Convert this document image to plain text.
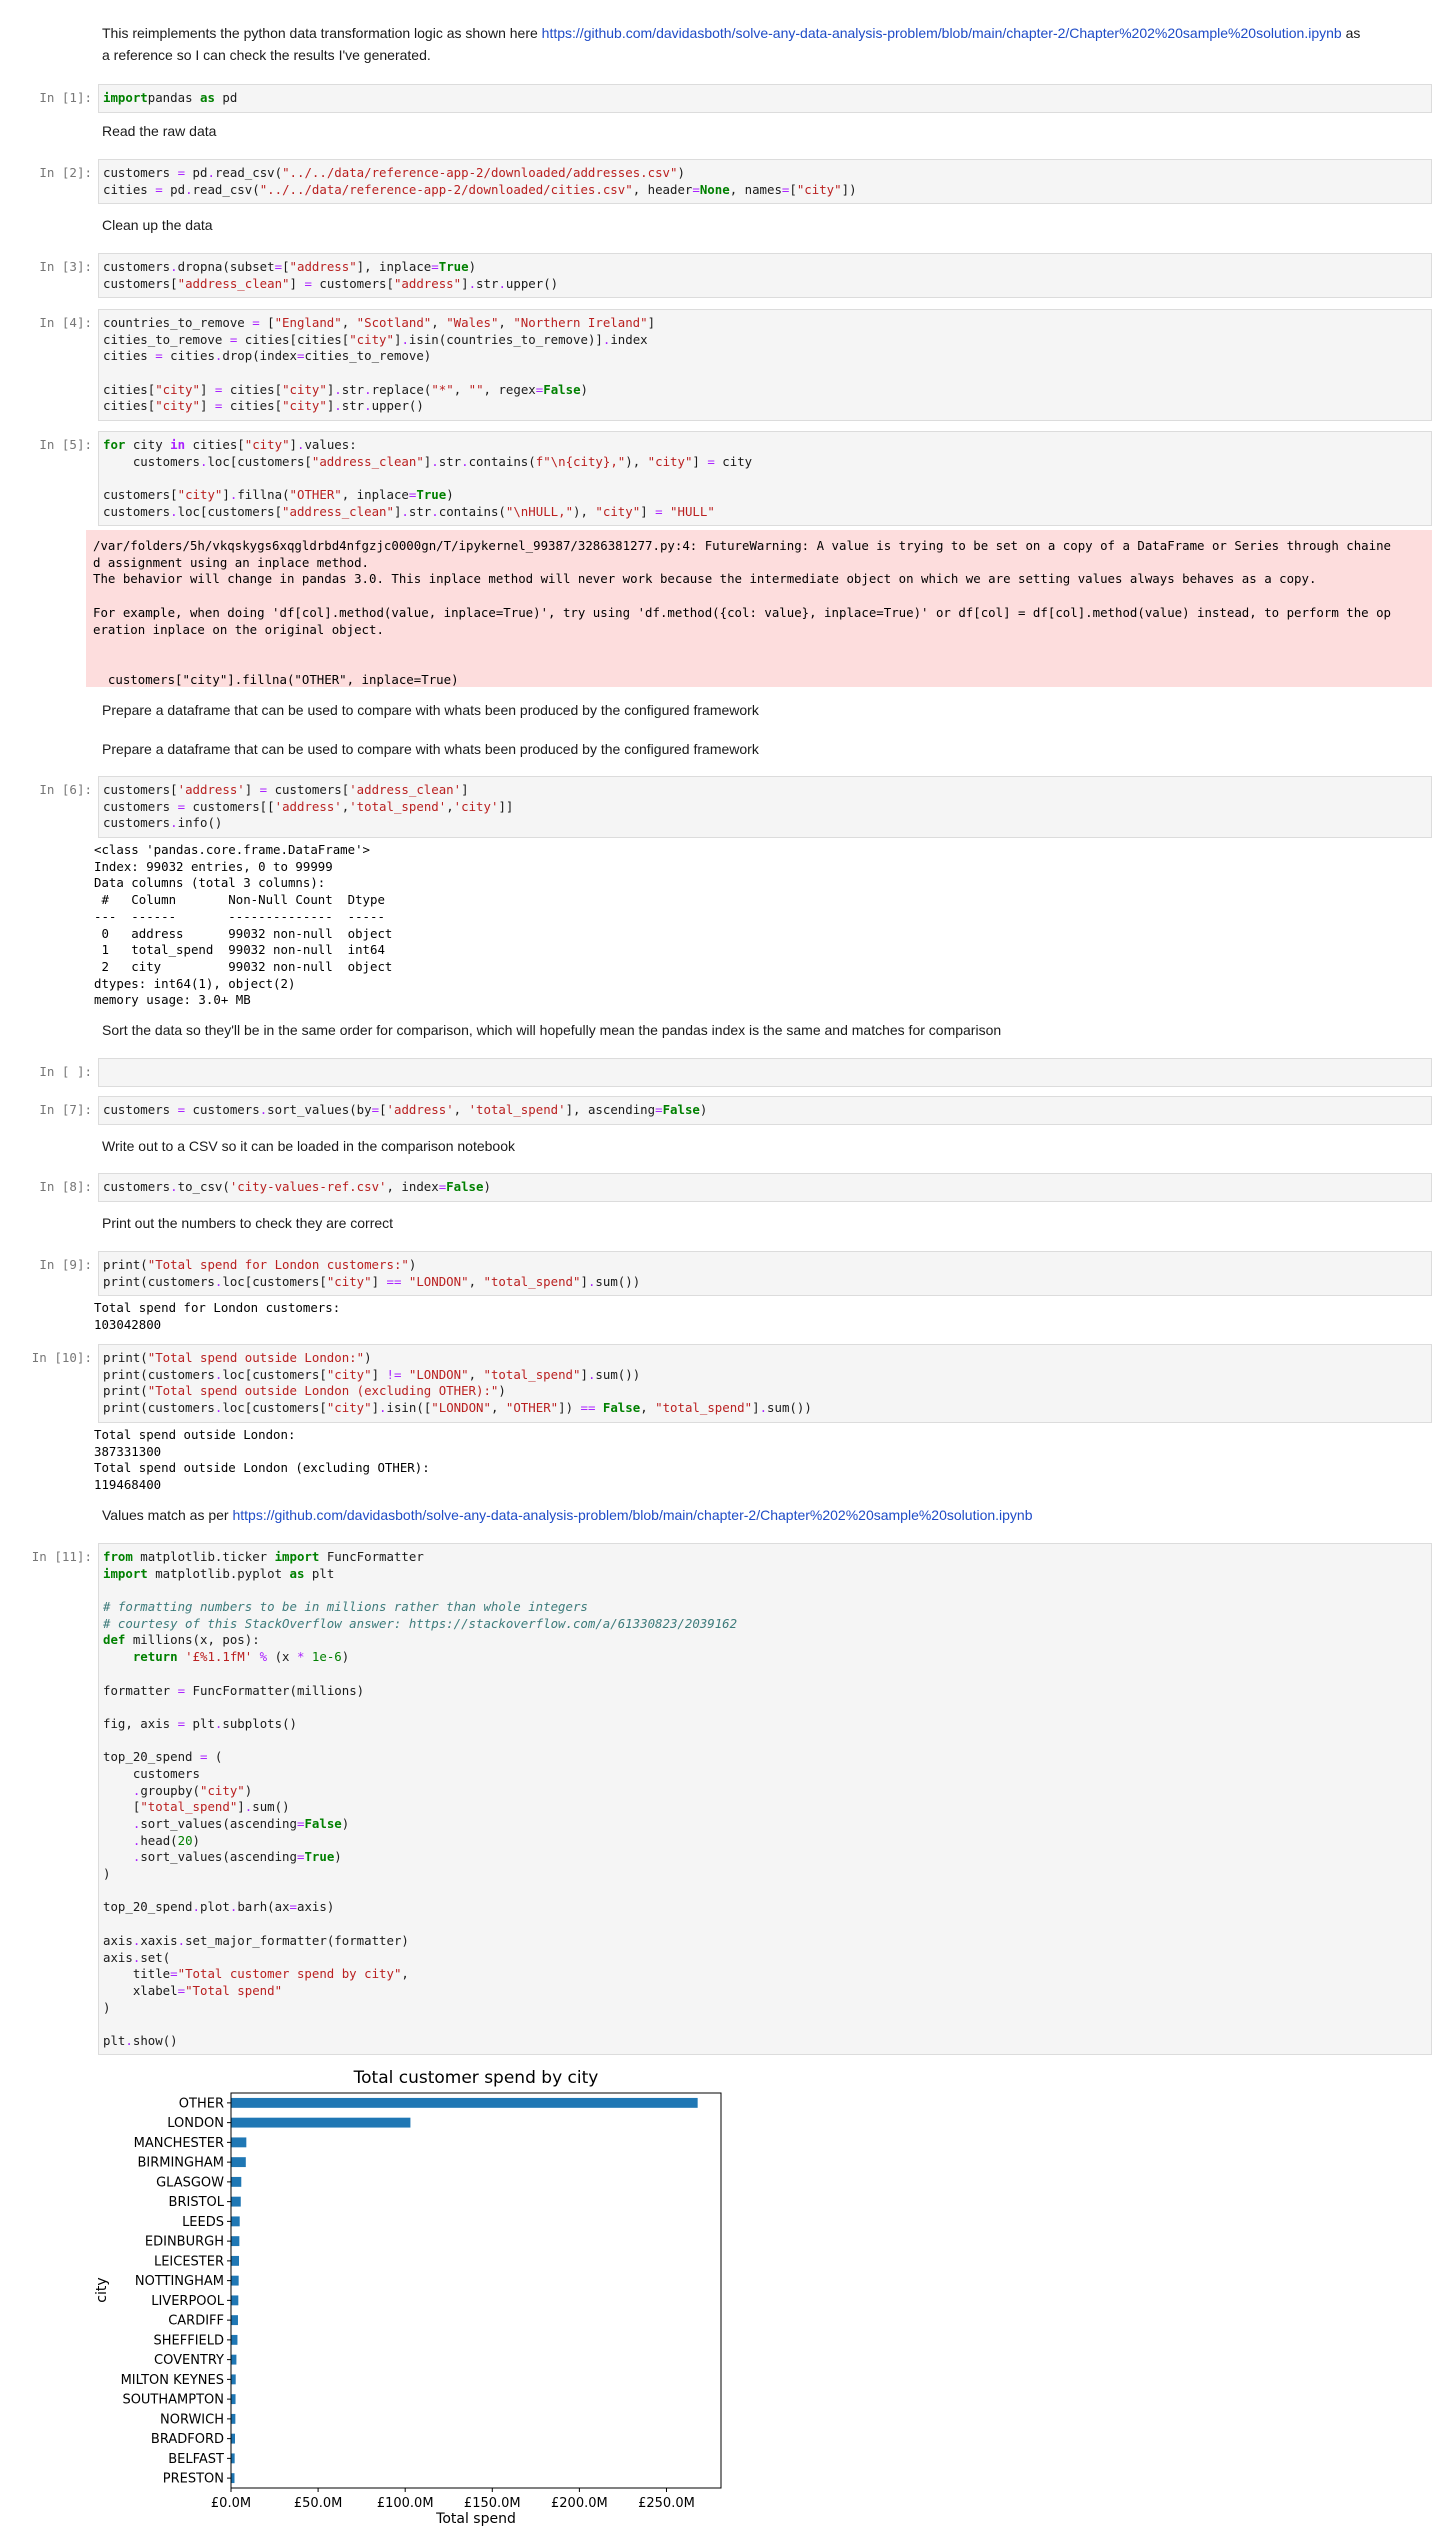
This reimplements the python data transformation logic as shown here https://github.com/davidasboth/solve-any-data-analysis-problem/blob/main/chapter-2/Chapter%202%20sample%20solution.ipynb as
a reference so I can check the results I've generated.
In [1]: importpandas as pd
Read the raw data
In [2]: customers = pd.read_csv("../../data/reference-app-2/downloaded/addresses.csv")
cities = pd.read_csv("../../data/reference-app-2/downloaded/cities.csv", header=None, names=["city"])
Clean up the data
In [3]: customers.dropna(subset=["address"], inplace=True)
customers["address_clean"] = customers["address"].str.upper()
In [4]: countries_to_remove = ["England", "Scotland", "Wales", "Northern Ireland"]
cities_to_remove = cities[cities["city"].isin(countries_to_remove)].index
cities = cities.drop(index=cities_to_remove)
cities["city"] = cities["city"].str.replace("*", "", regex=False)
cities["city"] = cities["city"].str.upper()
In [5]: for city in cities["city"].values:
customers.loc[customers["address_clean"].str.contains(f"\n{city},"), "city"] = city
customers["city"].fillna("OTHER", inplace=True)
customers.loc[customers["address_clean"].str.contains("\nHULL,"), "city"] = "HULL"
/var/folders/5h/vkqskygs6xqgldrbd4nfgzjc0000gn/T/ipykernel_99387/3286381277.py:4: FutureWarning: A value is trying to be set on a copy of a DataFrame or Series through chaine
d assignment using an inplace method.
The behavior will change in pandas 3.0. This inplace method will never work because the intermediate object on which we are setting values always behaves as a copy.

For example, when doing 'df[col].method(value, inplace=True)', try using 'df.method({col: value}, inplace=True)' or df[col] = df[col].method(value) instead, to perform the op
eration inplace on the original object.

customers["city"].fillna("OTHER", inplace=True)
Prepare a dataframe that can be used to compare with whats been produced by the configured framework
Prepare a dataframe that can be used to compare with whats been produced by the configured framework
In [6]: customers['address'] = customers['address_clean']
customers = customers[['address','total_spend','city']]
customers.info()
<class 'pandas.core.frame.DataFrame'>
Index: 99032 entries, 0 to 99999
Data columns (total 3 columns):
#   Column       Non-Null Count  Dtype
---  ------       --------------  -----
0   address      99032 non-null  object
1   total_spend  99032 non-null  int64
2   city         99032 non-null  object
dtypes: int64(1), object(2)
memory usage: 3.0+ MB
Sort the data so they'll be in the same order for comparison, which will hopefully mean the pandas index is the same and matches for comparison
In [ ]:
In [7]: customers = customers.sort_values(by=['address', 'total_spend'], ascending=False)
Write out to a CSV so it can be loaded in the comparison notebook
In [8]: customers.to_csv('city-values-ref.csv', index=False)
Print out the numbers to check they are correct
In [9]: print("Total spend for London customers:")
print(customers.loc[customers["city"] == "LONDON", "total_spend"].sum())
Total spend for London customers:
103042800
In [10]: print("Total spend outside London:")
print(customers.loc[customers["city"] != "LONDON", "total_spend"].sum())
print("Total spend outside London (excluding OTHER):")
print(customers.loc[customers["city"].isin(["LONDON", "OTHER"]) == False, "total_spend"].sum())
Total spend outside London:
387331300
Total spend outside London (excluding OTHER):
119468400
Values match as per https://github.com/davidasboth/solve-any-data-analysis-problem/blob/main/chapter-2/Chapter%202%20sample%20solution.ipynb
In [11]: from matplotlib.ticker import FuncFormatter
import matplotlib.pyplot as plt
# formatting numbers to be in millions rather than whole integers
# courtesy of this StackOverflow answer: https://stackoverflow.com/a/61330823/2039162
def millions(x, pos):
return '£%1.1fM' % (x * 1e-6)
formatter = FuncFormatter(millions)
fig, axis = plt.subplots()
top_20_spend = (
customers
.groupby("city")
["total_spend"].sum()
.sort_values(ascending=False)
.head(20)
.sort_values(ascending=True)
)
top_20_spend.plot.barh(ax=axis)
axis.xaxis.set_major_formatter(formatter)
axis.set(
title="Total customer spend by city",
xlabel="Total spend"
)
plt.show()
Total customer spend by city
OTHER
LONDON
MANCHESTER
BIRMINGHAM
GLASGOW
BRISTOL
LEEDS
EDINBURGH
LEICESTER
NOTTINGHAM
LIVERPOOL
CARDIFF
SHEFFIELD
COVENTRY
MILTON KEYNES
SOUTHAMPTON
NORWICH
BRADFORD
BELFAST
PRESTON
£0.0M	£50.0M	£100.0M £150.0M £200.0M £250.0M
Total spend
city
